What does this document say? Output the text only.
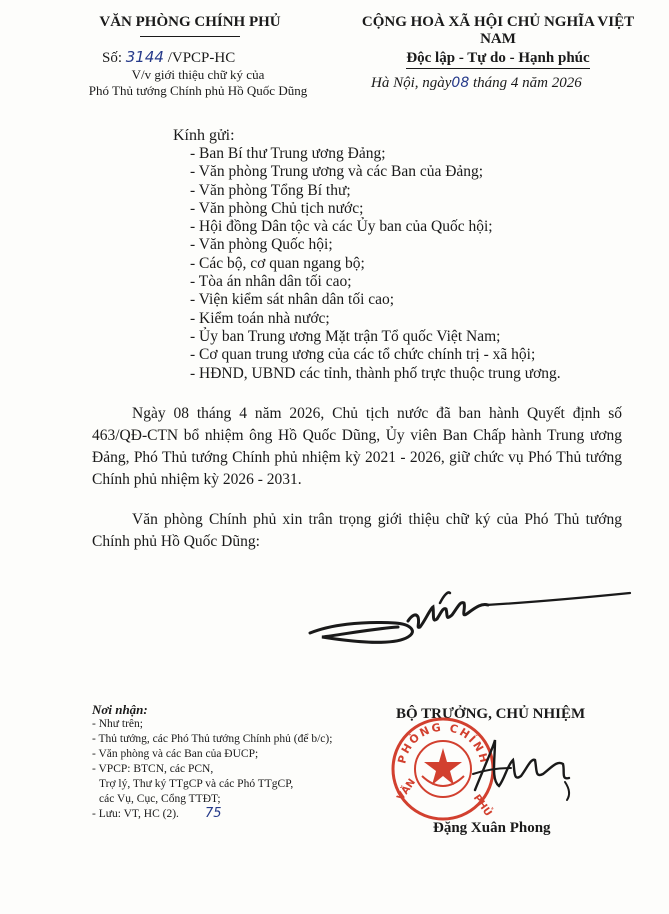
VĂN PHÒNG CHÍNH PHỦ	CỘNG HOÀ XÃ HỘI CHỦ NGHĨA VIỆT NAM
Độc lập - Tự do - Hạnh phúc
Số: 3144 /VPCP-HC
V/v giới thiệu chữ ký của
Phó Thủ tướng Chính phủ Hồ Quốc Dũng	Hà Nội, ngày08 tháng 4 năm 2026
Kính gửi:
- Ban Bí thư Trung ương Đảng;
- Văn phòng Trung ương và các Ban của Đảng;
- Văn phòng Tổng Bí thư;
- Văn phòng Chủ tịch nước;
- Hội đồng Dân tộc và các Ủy ban của Quốc hội;
- Văn phòng Quốc hội;
- Các bộ, cơ quan ngang bộ;
- Tòa án nhân dân tối cao;
- Viện kiểm sát nhân dân tối cao;
- Kiểm toán nhà nước;
- Ủy ban Trung ương Mặt trận Tổ quốc Việt Nam;
- Cơ quan trung ương của các tổ chức chính trị - xã hội;
- HĐND, UBND các tỉnh, thành phố trực thuộc trung ương.
Ngày 08 tháng 4 năm 2026, Chủ tịch nước đã ban hành Quyết định số 463/QĐ-CTN bổ nhiệm ông Hồ Quốc Dũng, Ủy viên Ban Chấp hành Trung ương Đảng, Phó Thủ tướng Chính phủ nhiệm kỳ 2021 - 2026, giữ chức vụ Phó Thủ tướng Chính phủ nhiệm kỳ 2026 - 2031.
Văn phòng Chính phủ xin trân trọng giới thiệu chữ ký của Phó Thủ tướng Chính phủ Hồ Quốc Dũng:
Nơi nhận:
- Như trên;
- Thủ tướng, các Phó Thủ tướng Chính phủ (để b/c);
- Văn phòng và các Ban của ĐUCP;
- VPCP: BTCN, các PCN,
Trợ lý, Thư ký TTgCP và các Phó TTgCP,
các Vụ, Cục, Cổng TTĐT;
- Lưu: VT, HC (2).	75
BỘ TRƯỞNG, CHỦ NHIỆM
PHÒNG CHÍNH
VĂN
PHỦ
Đặng Xuân Phong
